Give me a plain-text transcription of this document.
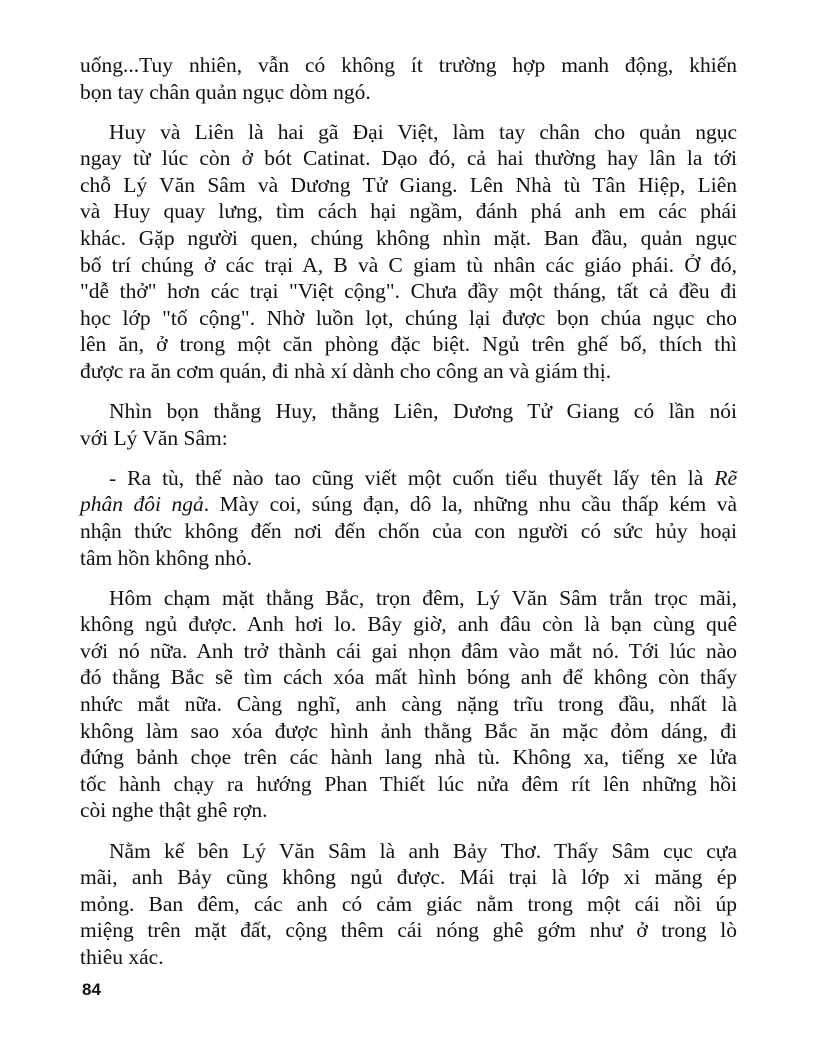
uống...Tuy nhiên, vẫn có không ít trường hợp manh động, khiến
bọn tay chân quản ngục dòm ngó.
Huy và Liên là hai gã Đại Việt, làm tay chân cho quản ngục
ngay từ lúc còn ở bót Catinat. Dạo đó, cả hai thường hay lân la tới
chỗ Lý Văn Sâm và Dương Tử Giang. Lên Nhà tù Tân Hiệp, Liên
và Huy quay lưng, tìm cách hại ngầm, đánh phá anh em các phái
khác. Gặp người quen, chúng không nhìn mặt. Ban đầu, quản ngục
bố trí chúng ở các trại A, B và C giam tù nhân các giáo phái. Ở đó,
"dễ thở" hơn các trại "Việt cộng". Chưa đầy một tháng, tất cả đều đi
học lớp "tố cộng". Nhờ luồn lọt, chúng lại được bọn chúa ngục cho
lên ăn, ở trong một căn phòng đặc biệt. Ngủ trên ghế bố, thích thì
được ra ăn cơm quán, đi nhà xí dành cho công an và giám thị.
Nhìn bọn thằng Huy, thằng Liên, Dương Tử Giang có lần nói
với Lý Văn Sâm:
- Ra tù, thế nào tao cũng viết một cuốn tiểu thuyết lấy tên là Rẽ
phân đôi ngả. Mày coi, súng đạn, dô la, những nhu cầu thấp kém và
nhận thức không đến nơi đến chốn của con người có sức hủy hoại
tâm hồn không nhỏ.
Hôm chạm mặt thằng Bắc, trọn đêm, Lý Văn Sâm trằn trọc mãi,
không ngủ được. Anh hơi lo. Bây giờ, anh đâu còn là bạn cùng quê
với nó nữa. Anh trở thành cái gai nhọn đâm vào mắt nó. Tới lúc nào
đó thằng Bắc sẽ tìm cách xóa mất hình bóng anh để không còn thấy
nhức mắt nữa. Càng nghĩ, anh càng nặng trĩu trong đầu, nhất là
không làm sao xóa được hình ảnh thằng Bắc ăn mặc đỏm dáng, đi
đứng bảnh chọe trên các hành lang nhà tù. Không xa, tiếng xe lửa
tốc hành chạy ra hướng Phan Thiết lúc nửa đêm rít lên những hồi
còi nghe thật ghê rợn.
Nằm kế bên Lý Văn Sâm là anh Bảy Thơ. Thấy Sâm cục cựa
mãi, anh Bảy cũng không ngủ được. Mái trại là lớp xi măng ép
mỏng. Ban đêm, các anh có cảm giác nằm trong một cái nồi úp
miệng trên mặt đất, cộng thêm cái nóng ghê gớm như ở trong lò
thiêu xác.
84
